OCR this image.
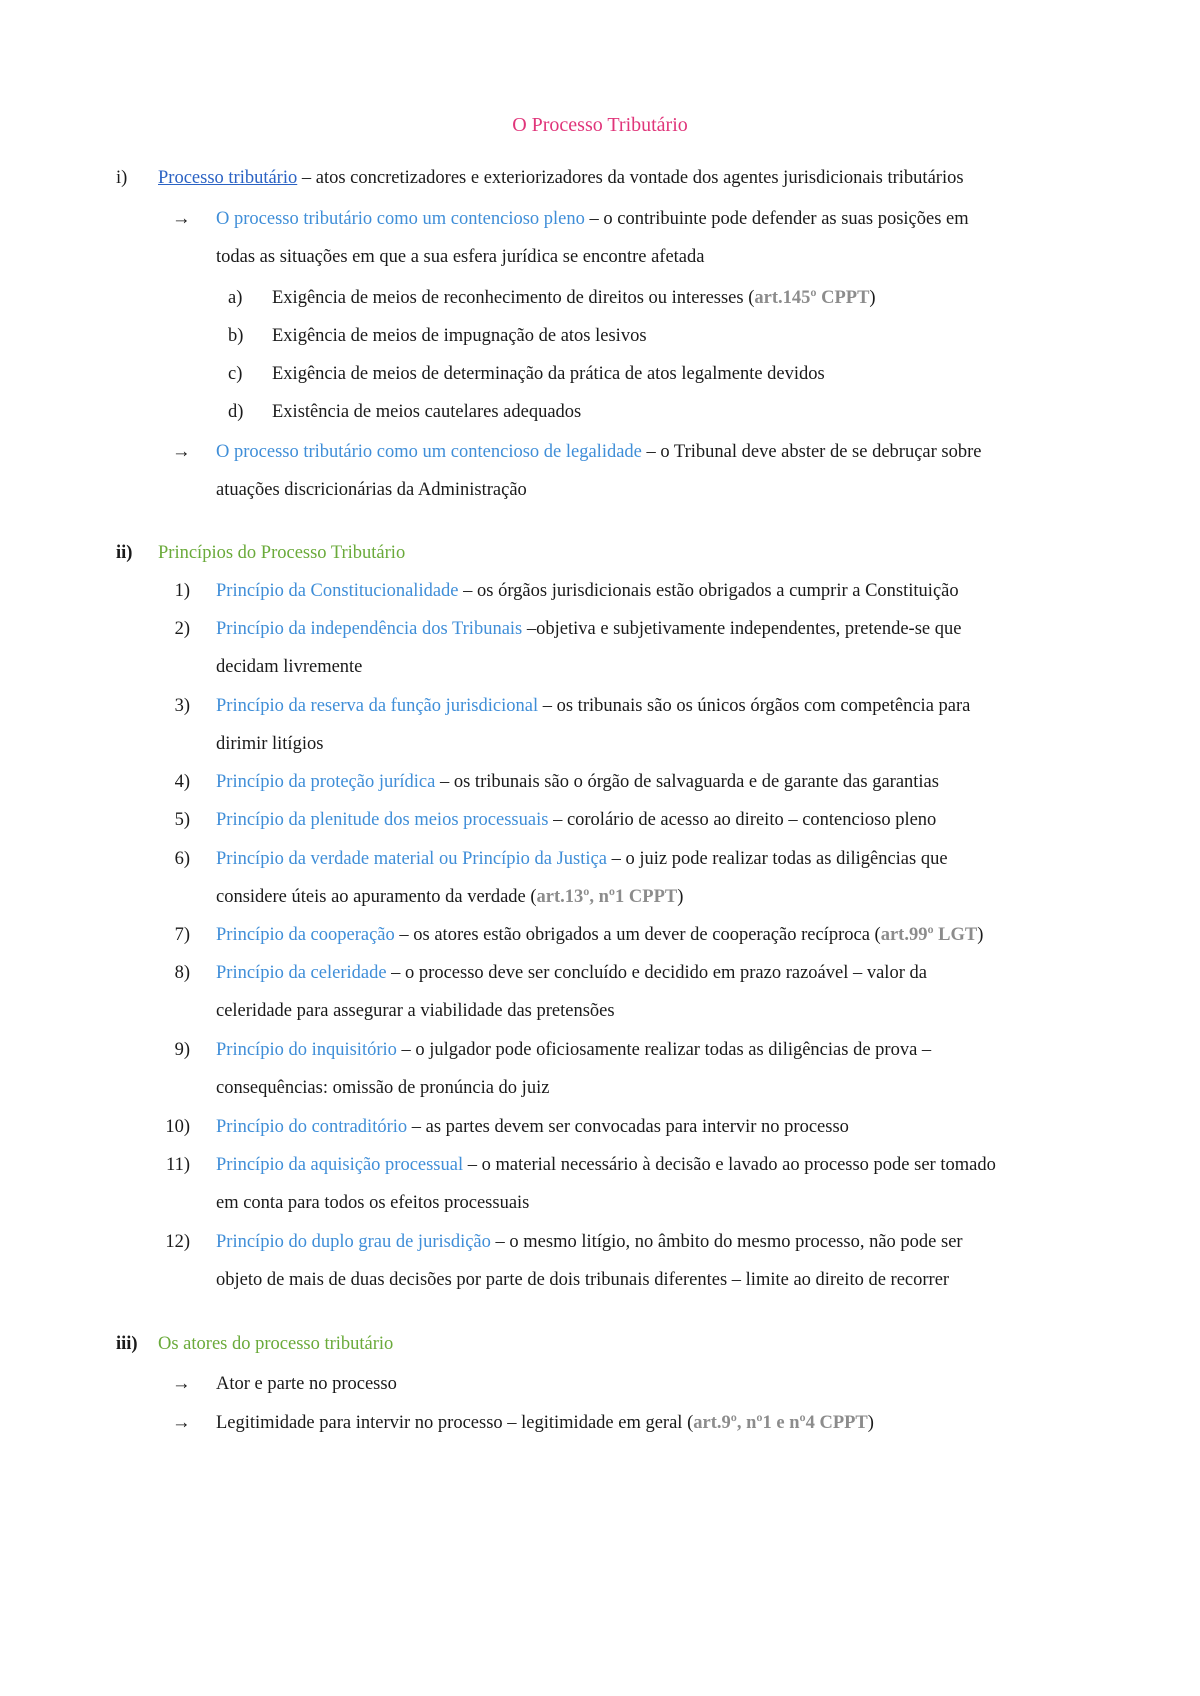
O Processo Tributário
i) Processo tributário – atos concretizadores e exteriorizadores da vontade dos agentes jurisdicionais tributários
→ O processo tributário como um contencioso pleno – o contribuinte pode defender as suas posições em
todas as situações em que a sua esfera jurídica se encontre afetada
a) Exigência de meios de reconhecimento de direitos ou interesses (art.145º CPPT)
b) Exigência de meios de impugnação de atos lesivos
c) Exigência de meios de determinação da prática de atos legalmente devidos
d) Existência de meios cautelares adequados
→ O processo tributário como um contencioso de legalidade – o Tribunal deve abster de se debruçar sobre
atuações discricionárias da Administração
ii) Princípios do Processo Tributário
1) Princípio da Constitucionalidade – os órgãos jurisdicionais estão obrigados a cumprir a Constituição
2) Princípio da independência dos Tribunais –objetiva e subjetivamente independentes, pretende-se que
decidam livremente
3) Princípio da reserva da função jurisdicional – os tribunais são os únicos órgãos com competência para
dirimir litígios
4) Princípio da proteção jurídica – os tribunais são o órgão de salvaguarda e de garante das garantias
5) Princípio da plenitude dos meios processuais – corolário de acesso ao direito – contencioso pleno
6) Princípio da verdade material ou Princípio da Justiça – o juiz pode realizar todas as diligências que
considere úteis ao apuramento da verdade (art.13º, nº1 CPPT)
7) Princípio da cooperação – os atores estão obrigados a um dever de cooperação recíproca (art.99º LGT)
8) Princípio da celeridade – o processo deve ser concluído e decidido em prazo razoável – valor da
celeridade para assegurar a viabilidade das pretensões
9) Princípio do inquisitório – o julgador pode oficiosamente realizar todas as diligências de prova –
consequências: omissão de pronúncia do juiz
10) Princípio do contraditório – as partes devem ser convocadas para intervir no processo
11) Princípio da aquisição processual – o material necessário à decisão e lavado ao processo pode ser tomado
em conta para todos os efeitos processuais
12) Princípio do duplo grau de jurisdição – o mesmo litígio, no âmbito do mesmo processo, não pode ser
objeto de mais de duas decisões por parte de dois tribunais diferentes – limite ao direito de recorrer
iii) Os atores do processo tributário
→ Ator e parte no processo
→ Legitimidade para intervir no processo – legitimidade em geral (art.9º, nº1 e nº4 CPPT)
